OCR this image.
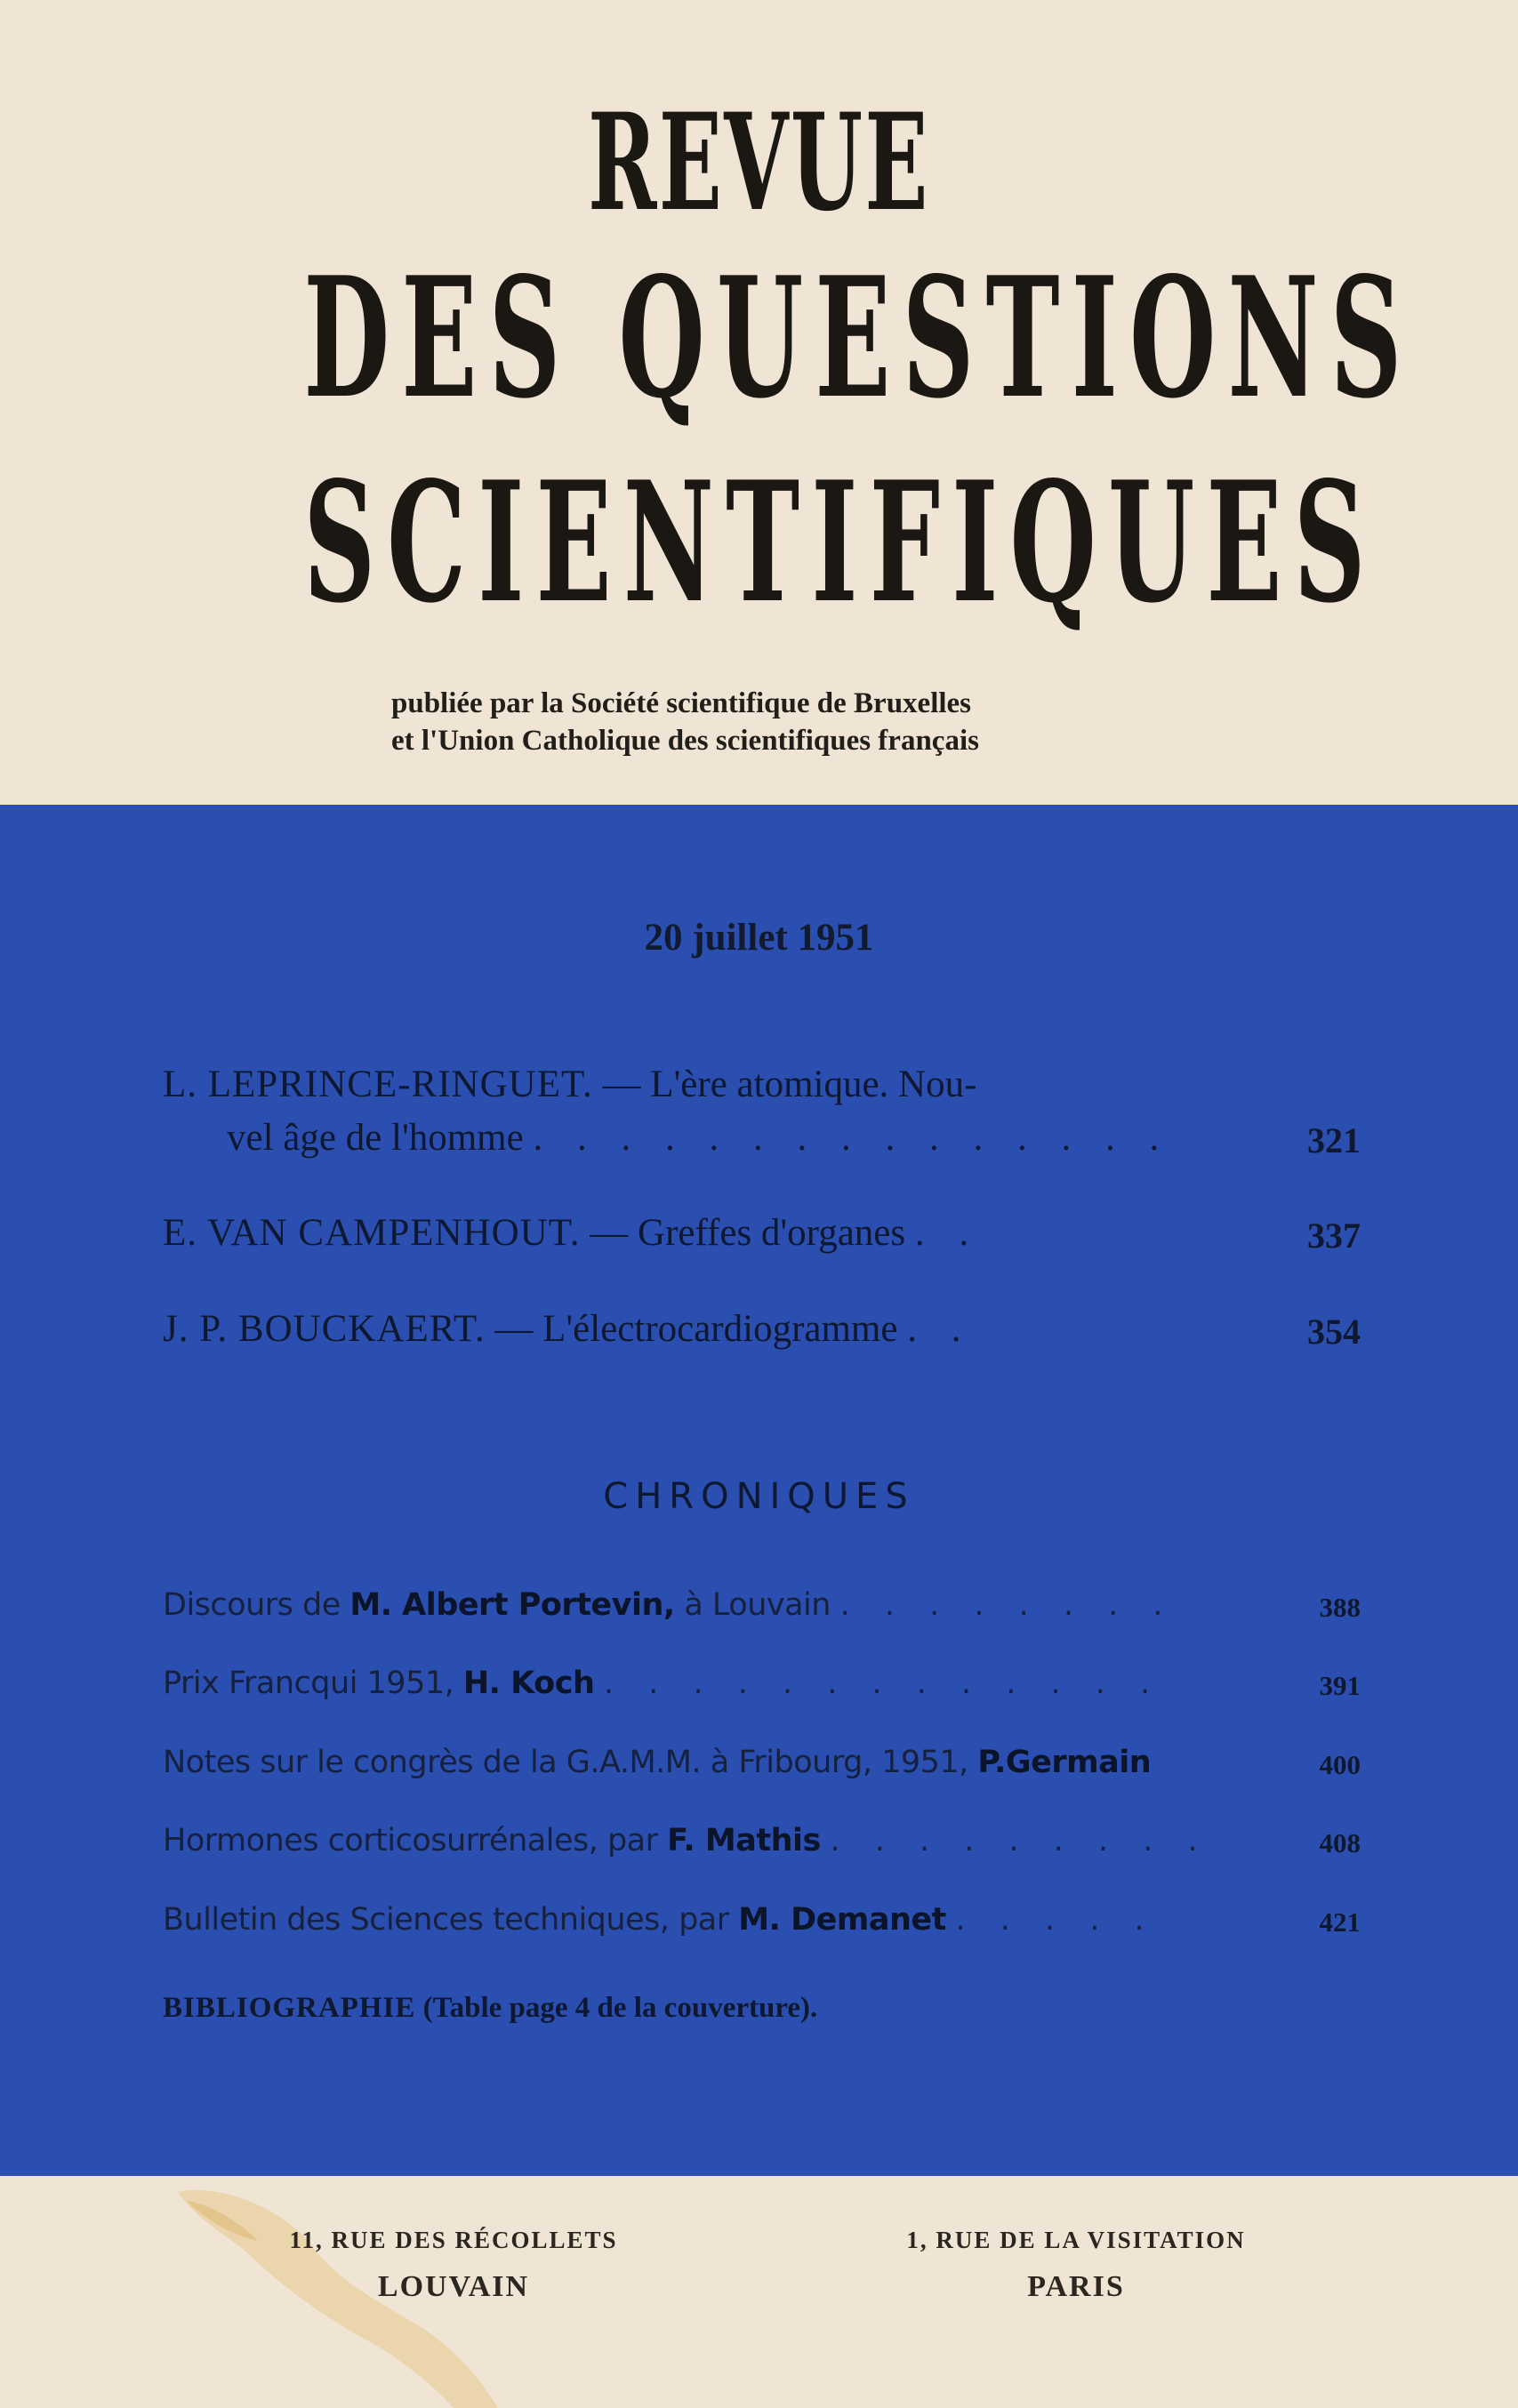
REVUE
DES QUESTIONS
SCIENTIFIQUES
publiée par la Société scientifique de Bruxelles
et l'Union Catholique des scientifiques français
20 juillet 1951
L. LEPRINCE-RINGUET. — L'ère atomique. Nou-
vel âge de l'homme . . . . . . . . . . . . . . .	321
E. VAN CAMPENHOUT. — Greffes d'organes . .	337
J. P. BOUCKAERT. — L'électrocardiogramme . .	354
CHRONIQUES
Discours de M. Albert Portevin, à Louvain . . . . . . . .	388
Prix Francqui 1951, H. Koch . . . . . . . . . . . . .	391
Notes sur le congrès de la G.A.M.M. à Fribourg, 1951, P.Germain	400
Hormones corticosurrénales, par F. Mathis . . . . . . . . .	408
Bulletin des Sciences techniques, par M. Demanet . . . . .	421
BIBLIOGRAPHIE (Table page 4 de la couverture).
11, RUE DES RÉCOLLETS
LOUVAIN
1, RUE DE LA VISITATION
PARIS
